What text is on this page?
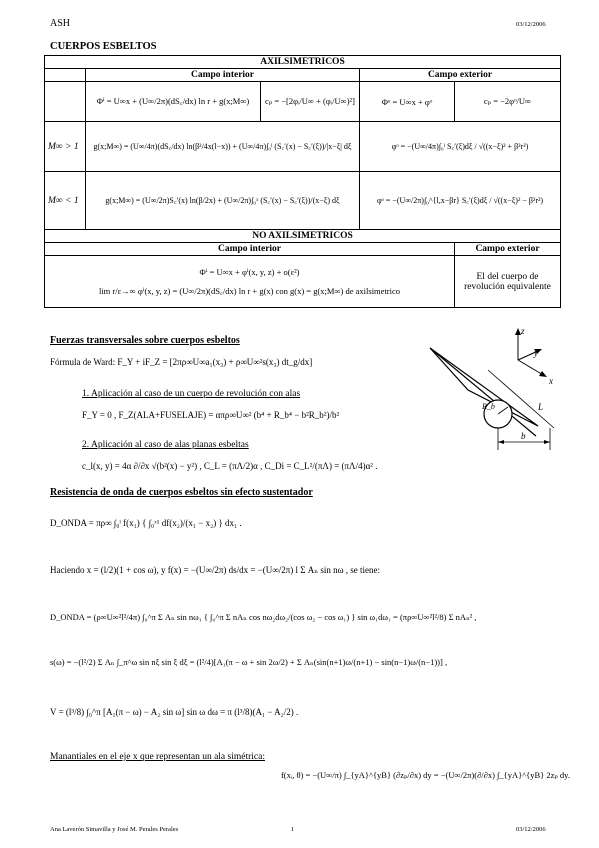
ASH	03/12/2006
CUERPOS ESBELTOS
AXILSIMETRICOS				
	Campo interior		Campo exterior	
	Φⁱ = U∞x + (U∞/2π)(dS꜀/dx) ln r + g(x;M∞)	cₚ = −[2φᵢ/U∞ + (φᵢ/U∞)²]	Φᵒ = U∞x + φᵒ	cₚ = −2φᵒ/U∞
M∞ > 1	g(x;M∞) = (U∞/4π)(dS꜀/dx) ln(β²/4x(l−x)) + (U∞/4π)∫₀ˡ (S꜀′(x) − S꜀′(ξ))/|x−ξ| dξ		φᵒ = −(U∞/4π)∫₀ˡ S꜀′(ξ)dξ / √((x−ξ)² + β²r²)	
M∞ < 1	g(x;M∞) = (U∞/2π)S꜀′(x) ln(β/2x) + (U∞/2π)∫₀ˣ (S꜀′(x) − S꜀′(ξ))/(x−ξ) dξ		φᵒ = −(U∞/2π)∫₀^{l,x−βr} S꜀′(ξ)dξ / √((x−ξ)² − β²r²)	
NO AXILSIMETRICOS				
Campo interior				Campo exterior

Φⁱ = U∞x + φⁱ(x, y, z) + o(ε²)
lim r/ε→∞ φⁱ(x, y, z) = (U∞/2π)(dS꜀/dx) ln r + g(x) con g(x) = g(x;M∞) de axilsimetrico				El del cuerpo de revolución equivalente
Fuerzas transversales sobre cuerpos esbeltos
Fórmula de Ward: F_Y + iF_Z = [2πρ∞U∞a₁(x₃) + ρ∞U∞²s(x₃) dt_g/dx]
1. Aplicación al caso de un cuerpo de revolución con alas
F_Y = 0 , F_Z(ALA+FUSELAJE) = απρ∞U∞² (b⁴ + R_b⁴ − b²R_b²)/b²
2. Aplicación al caso de alas planas esbeltas
c_l(x, y) = 4α ∂/∂x √(b²(x) − y²) , C_L = (πΛ/2)α , C_Di = C_L²/(πΛ) = (πΛ/4)α² .
z
y
x
R_b	L
b
Resistencia de onda de cuerpos esbeltos sin efecto sustentador
D_ONDA = πρ∞ ∫₀ˡ f(x₁) { ∫₀ˣ¹ df(x₂)/(x₁ − x₂) } dx₁ .
Haciendo x = (l/2)(1 + cos ω), y f(x) = −(U∞/2π) ds/dx = −(U∞/2π) l Σ Aₙ sin nω , se tiene:
D_ONDA = (ρ∞U∞²l²/4π) ∫₀^π Σ Aₙ sin nω₁ { ∫₀^π Σ nAₙ cos nω₂dω₂/(cos ω₂ − cos ω₁) } sin ω₁dω₁ = (πρ∞U∞²l²/8) Σ nAₙ² ,
s(ω) = −(l²/2) Σ Aₙ ∫_π^ω sin nξ sin ξ dξ = (l²/4)[A₁(π − ω + sin 2ω/2) + Σ Aₙ(sin(n+1)ω/(n+1) − sin(n−1)ω/(n−1))] ,
V = (l³/8) ∫₀^π [A₁(π − ω) − A₂ sin ω] sin ω dω = π (l³/8)(A₁ − A₂/2) .
Manantiales en el eje x que representan un ala simétrica:
f(xᵢ, θ) = −(U∞/π) ∫_{yA}^{yB} (∂zₚ/∂x) dy = −(U∞/2π)(∂/∂x) ∫_{yA}^{yB} 2zₚ dy.
Ana Laverón Simavilla y José M. Perales Perales	1	03/12/2006
